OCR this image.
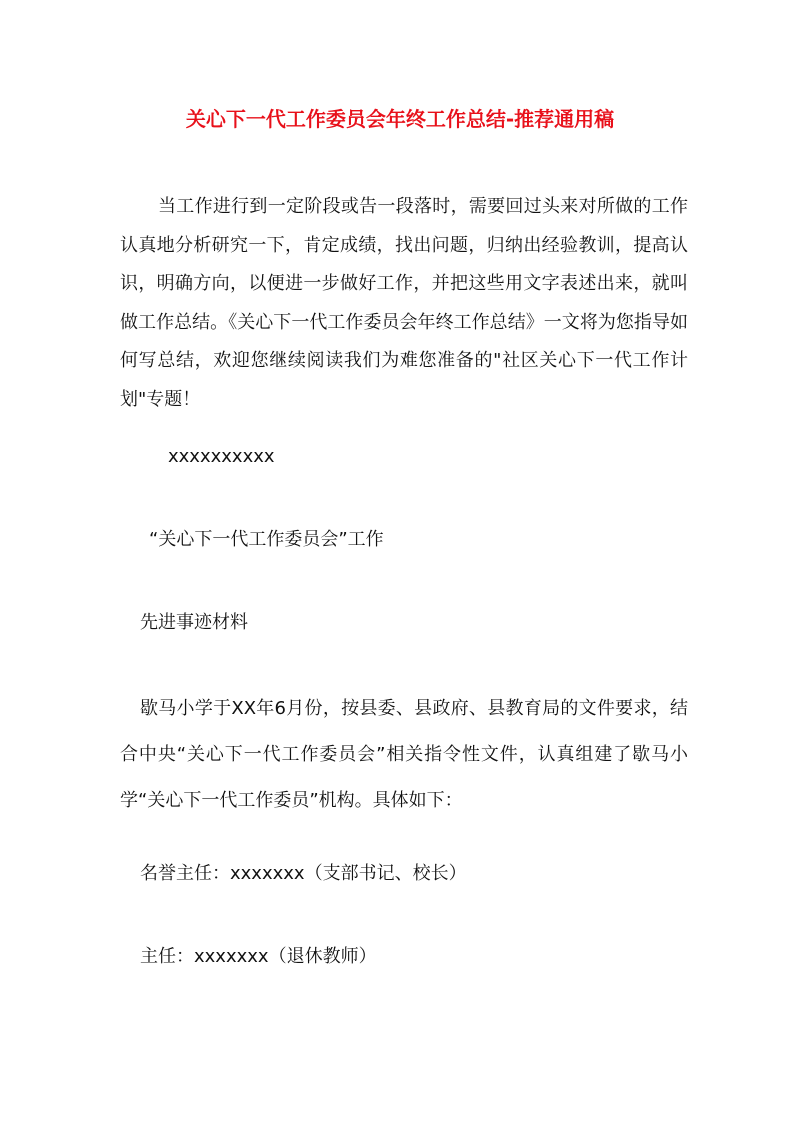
关心下一代工作委员会年终工作总结-推荐通用稿

当工作进行到一定阶段或告一段落时，需要回过头来对所做的工作认真地分析研究一下，肯定成绩，找出问题，归纳出经验教训，提高认识，明确方向，以便进一步做好工作，并把这些用文字表述出来，就叫做工作总结。《关心下一代工作委员会年终工作总结》一文将为您指导如何写总结，欢迎您继续阅读我们为难您准备的"社区关心下一代工作计划"专题！

xxxxxxxxxx

“关心下一代工作委员会”工作

先进事迹材料

歇马小学于XX年6月份，按县委、县政府、县教育局的文件要求，结合中央“关心下一代工作委员会”相关指令性文件，认真组建了歇马小学“关心下一代工作委员”机构。具体如下：

名誉主任：xxxxxxx（支部书记、校长）

主任：xxxxxxx（退休教师）
